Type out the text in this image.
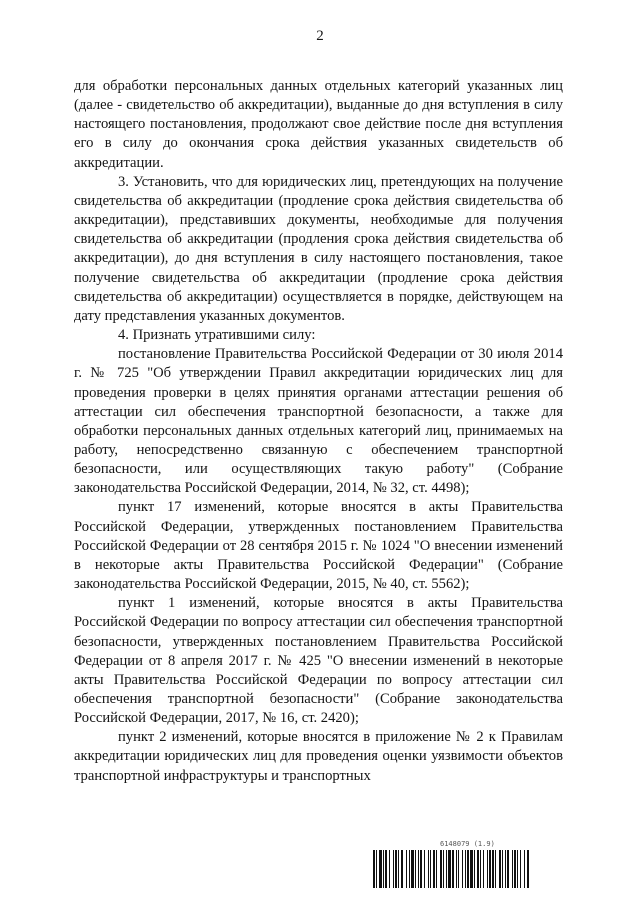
2

для обработки персональных данных отдельных категорий указанных лиц (далее - свидетельство об аккредитации), выданные до дня вступления в силу настоящего постановления, продолжают свое действие после дня вступления его в силу до окончания срока действия указанных свидетельств об аккредитации.

3. Установить, что для юридических лиц, претендующих на получение свидетельства об аккредитации (продление срока действия свидетельства об аккредитации), представивших документы, необходимые для получения свидетельства об аккредитации (продления срока действия свидетельства об аккредитации), до дня вступления в силу настоящего постановления, такое получение свидетельства об аккредитации (продление срока действия свидетельства об аккредитации) осуществляется в порядке, действующем на дату представления указанных документов.

4. Признать утратившими силу:

постановление Правительства Российской Федерации от 30 июля 2014 г. № 725 "Об утверждении Правил аккредитации юридических лиц для проведения проверки в целях принятия органами аттестации решения об аттестации сил обеспечения транспортной безопасности, а также для обработки персональных данных отдельных категорий лиц, принимаемых на работу, непосредственно связанную с обеспечением транспортной безопасности, или осуществляющих такую работу" (Собрание законодательства Российской Федерации, 2014, № 32, ст. 4498);

пункт 17 изменений, которые вносятся в акты Правительства Российской Федерации, утвержденных постановлением Правительства Российской Федерации от 28 сентября 2015 г. № 1024 "О внесении изменений в некоторые акты Правительства Российской Федерации" (Собрание законодательства Российской Федерации, 2015, № 40, ст. 5562);

пункт 1 изменений, которые вносятся в акты Правительства Российской Федерации по вопросу аттестации сил обеспечения транспортной безопасности, утвержденных постановлением Правительства Российской Федерации от 8 апреля 2017 г. № 425 "О внесении изменений в некоторые акты Правительства Российской Федерации по вопросу аттестации сил обеспечения транспортной безопасности" (Собрание законодательства Российской Федерации, 2017, № 16, ст. 2420);

пункт 2 изменений, которые вносятся в приложение № 2 к Правилам аккредитации юридических лиц для проведения оценки уязвимости объектов транспортной инфраструктуры и транспортных

6148079 (1.9)
